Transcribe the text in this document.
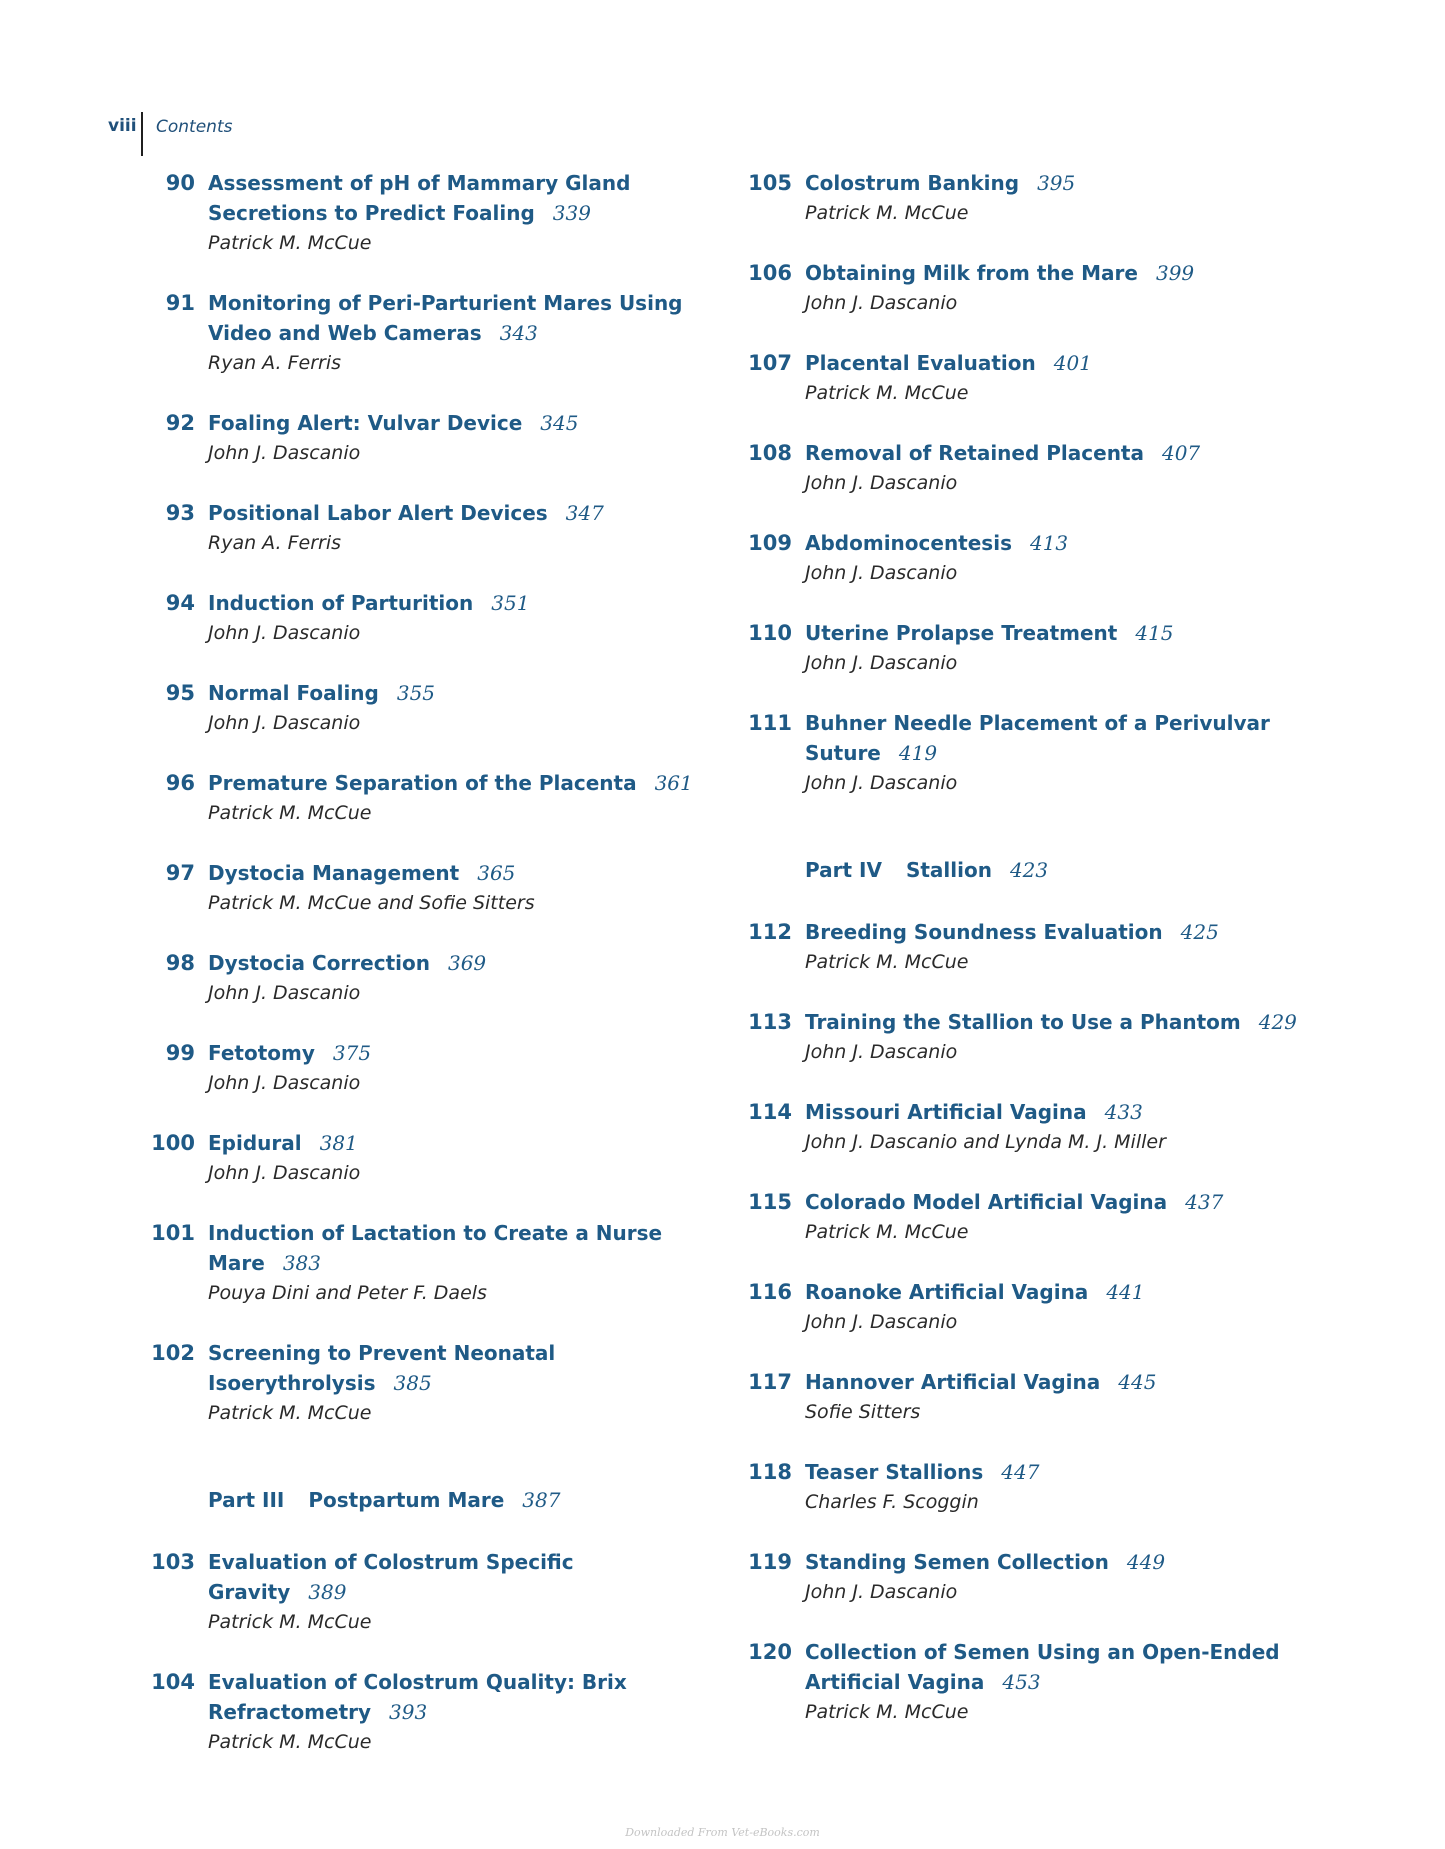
viii Contents
90 Assessment of pH of Mammary Gland Secretions to Predict Foaling 339
Patrick M. McCue
91 Monitoring of Peri-Parturient Mares Using Video and Web Cameras 343
Ryan A. Ferris
92 Foaling Alert: Vulvar Device 345
John J. Dascanio
93 Positional Labor Alert Devices 347
Ryan A. Ferris
94 Induction of Parturition 351
John J. Dascanio
95 Normal Foaling 355
John J. Dascanio
96 Premature Separation of the Placenta 361
Patrick M. McCue
97 Dystocia Management 365
Patrick M. McCue and Sofie Sitters
98 Dystocia Correction 369
John J. Dascanio
99 Fetotomy 375
John J. Dascanio
100 Epidural 381
John J. Dascanio
101 Induction of Lactation to Create a Nurse Mare 383
Pouya Dini and Peter F. Daels
102 Screening to Prevent Neonatal Isoerythrolysis 385
Patrick M. McCue
Part III Postpartum Mare 387
103 Evaluation of Colostrum Specific Gravity 389
Patrick M. McCue
104 Evaluation of Colostrum Quality: Brix Refractometry 393
Patrick M. McCue
105 Colostrum Banking 395
Patrick M. McCue
106 Obtaining Milk from the Mare 399
John J. Dascanio
107 Placental Evaluation 401
Patrick M. McCue
108 Removal of Retained Placenta 407
John J. Dascanio
109 Abdominocentesis 413
John J. Dascanio
110 Uterine Prolapse Treatment 415
John J. Dascanio
111 Buhner Needle Placement of a Perivulvar Suture 419
John J. Dascanio
Part IV Stallion 423
112 Breeding Soundness Evaluation 425
Patrick M. McCue
113 Training the Stallion to Use a Phantom 429
John J. Dascanio
114 Missouri Artificial Vagina 433
John J. Dascanio and Lynda M. J. Miller
115 Colorado Model Artificial Vagina 437
Patrick M. McCue
116 Roanoke Artificial Vagina 441
John J. Dascanio
117 Hannover Artificial Vagina 445
Sofie Sitters
118 Teaser Stallions 447
Charles F. Scoggin
119 Standing Semen Collection 449
John J. Dascanio
120 Collection of Semen Using an Open-Ended Artificial Vagina 453
Patrick M. McCue
Downloaded From Vet-eBooks.com
